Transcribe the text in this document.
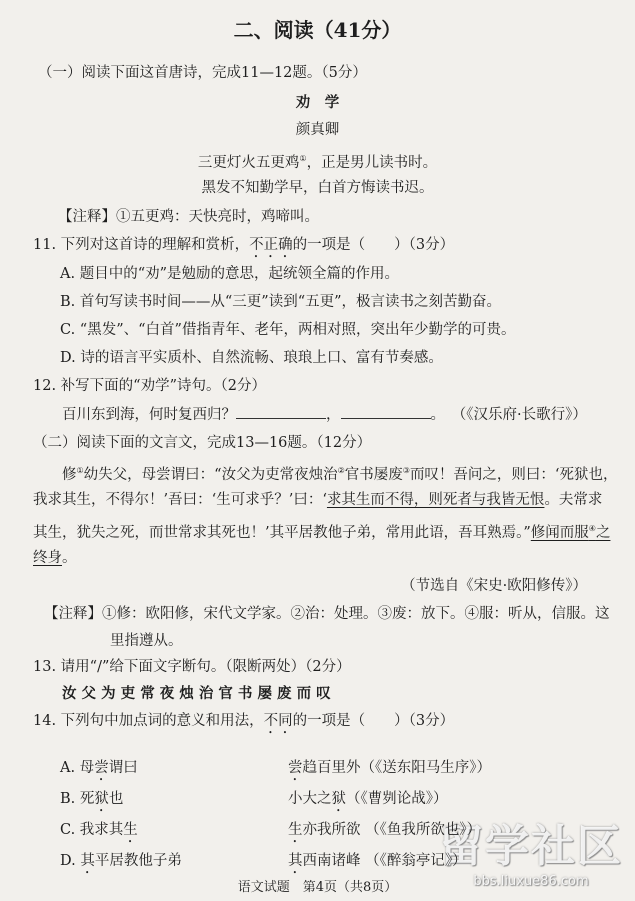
二、阅读（41分）
（一）阅读下面这首唐诗，完成11—12题。（5分）
劝　学
颜真卿
三更灯火五更鸡①，正是男儿读书时。
黑发不知勤学早，白首方悔读书迟。
【注释】①五更鸡：天快亮时，鸡啼叫。
11. 下列对这首诗的理解和赏析，不正确的一项是（　　）（3分）
A. 题目中的“劝”是勉励的意思，起统领全篇的作用。
B. 首句写读书时间——从“三更”读到“五更”，极言读书之刻苦勤奋。
C. “黑发”、“白首”借指青年、老年，两相对照，突出年少勤学的可贵。
D. 诗的语言平实质朴、自然流畅、琅琅上口、富有节奏感。
12. 补写下面的“劝学”诗句。（2分）
百川东到海，何时复西归？	，	。 （《汉乐府·长歌行》）
（二）阅读下面的文言文，完成13—16题。（12分）
修①幼失父，母尝谓曰：“汝父为吏常夜烛治②官书屡废③而叹！吾问之，则曰：‘死狱也，
我求其生，不得尔！’吾曰：‘生可求乎？’曰：‘求其生而不得，则死者与我皆无恨。夫常求
其生，犹失之死，而世常求其死也！’其平居教他子弟，常用此语，吾耳熟焉。”修闻而服④之
终身。
（节选自《宋史·欧阳修传》）
【注释】①修：欧阳修，宋代文学家。②治：处理。③废：放下。④服：听从，信服。这
里指遵从。
13. 请用“/”给下面文字断句。（限断两处）（2分）
汝 父 为 吏 常 夜 烛 治 官 书 屡 废 而 叹
14. 下列句中加点词的意义和用法，不同的一项是（　　）（3分）
语文试题　第4页（共8页）
留学社区
bbs.liuxue86.com
A. 母尝谓曰	尝趋百里外（《送东阳马生序》）
B. 死狱也	小大之狱（《曹刿论战》）
C. 我求其生	生亦我所欲 （《鱼我所欲也》）
D. 其平居教他子弟	其西南诸峰 （《醉翁亭记》）
